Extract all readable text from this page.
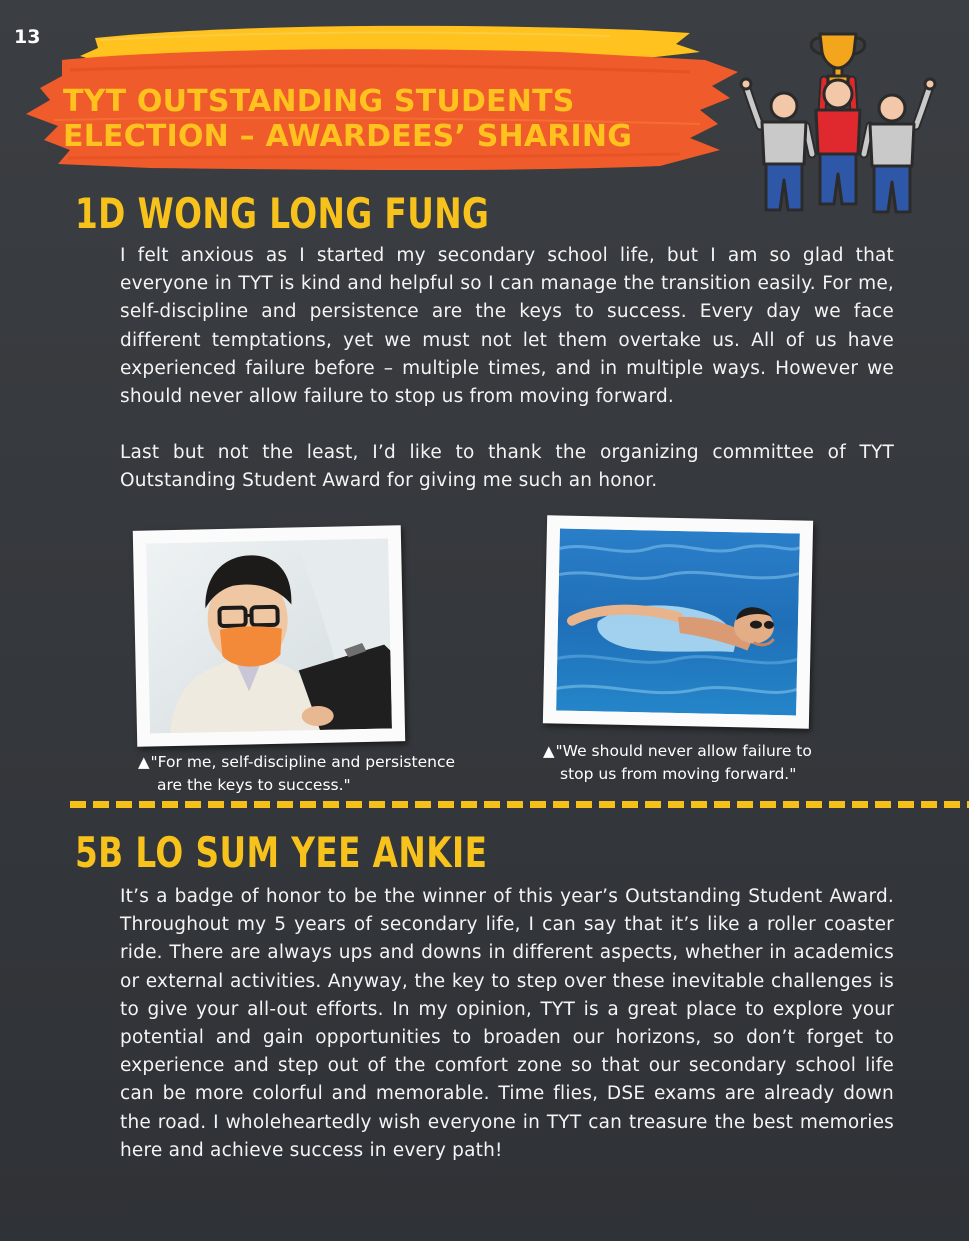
13
TYT OUTSTANDING STUDENTS
ELECTION – AWARDEES’ SHARING
1D WONG LONG FUNG

I felt anxious as I started my secondary school life, but I am so glad that everyone in TYT is kind and helpful so I can manage the transition easily. For me, self-discipline and persistence are the keys to success. Every day we face different temptations, yet we must not let them overtake us. All of us have experienced failure before – multiple times, and in multiple ways. However we should never allow failure to stop us from moving forward.

Last but not the least, I’d like to thank the organizing committee of TYT Outstanding Student Award for giving me such an honor.

▲"For me, self-discipline and persistence
are the keys to success."

▲"We should never allow failure to
stop us from moving forward."

5B LO SUM YEE ANKIE

It’s a badge of honor to be the winner of this year’s Outstanding Student Award. Throughout my 5 years of secondary life, I can say that it’s like a roller coaster ride. There are always ups and downs in different aspects, whether in academics or external activities. Anyway, the key to step over these inevitable challenges is to give your all-out efforts. In my opinion, TYT is a great place to explore your potential and gain opportunities to broaden our horizons, so don’t forget to experience and step out of the comfort zone so that our secondary school life can be more colorful and memorable. Time flies, DSE exams are already down the road. I wholeheartedly wish everyone in TYT can treasure the best memories here and achieve success in every path!
